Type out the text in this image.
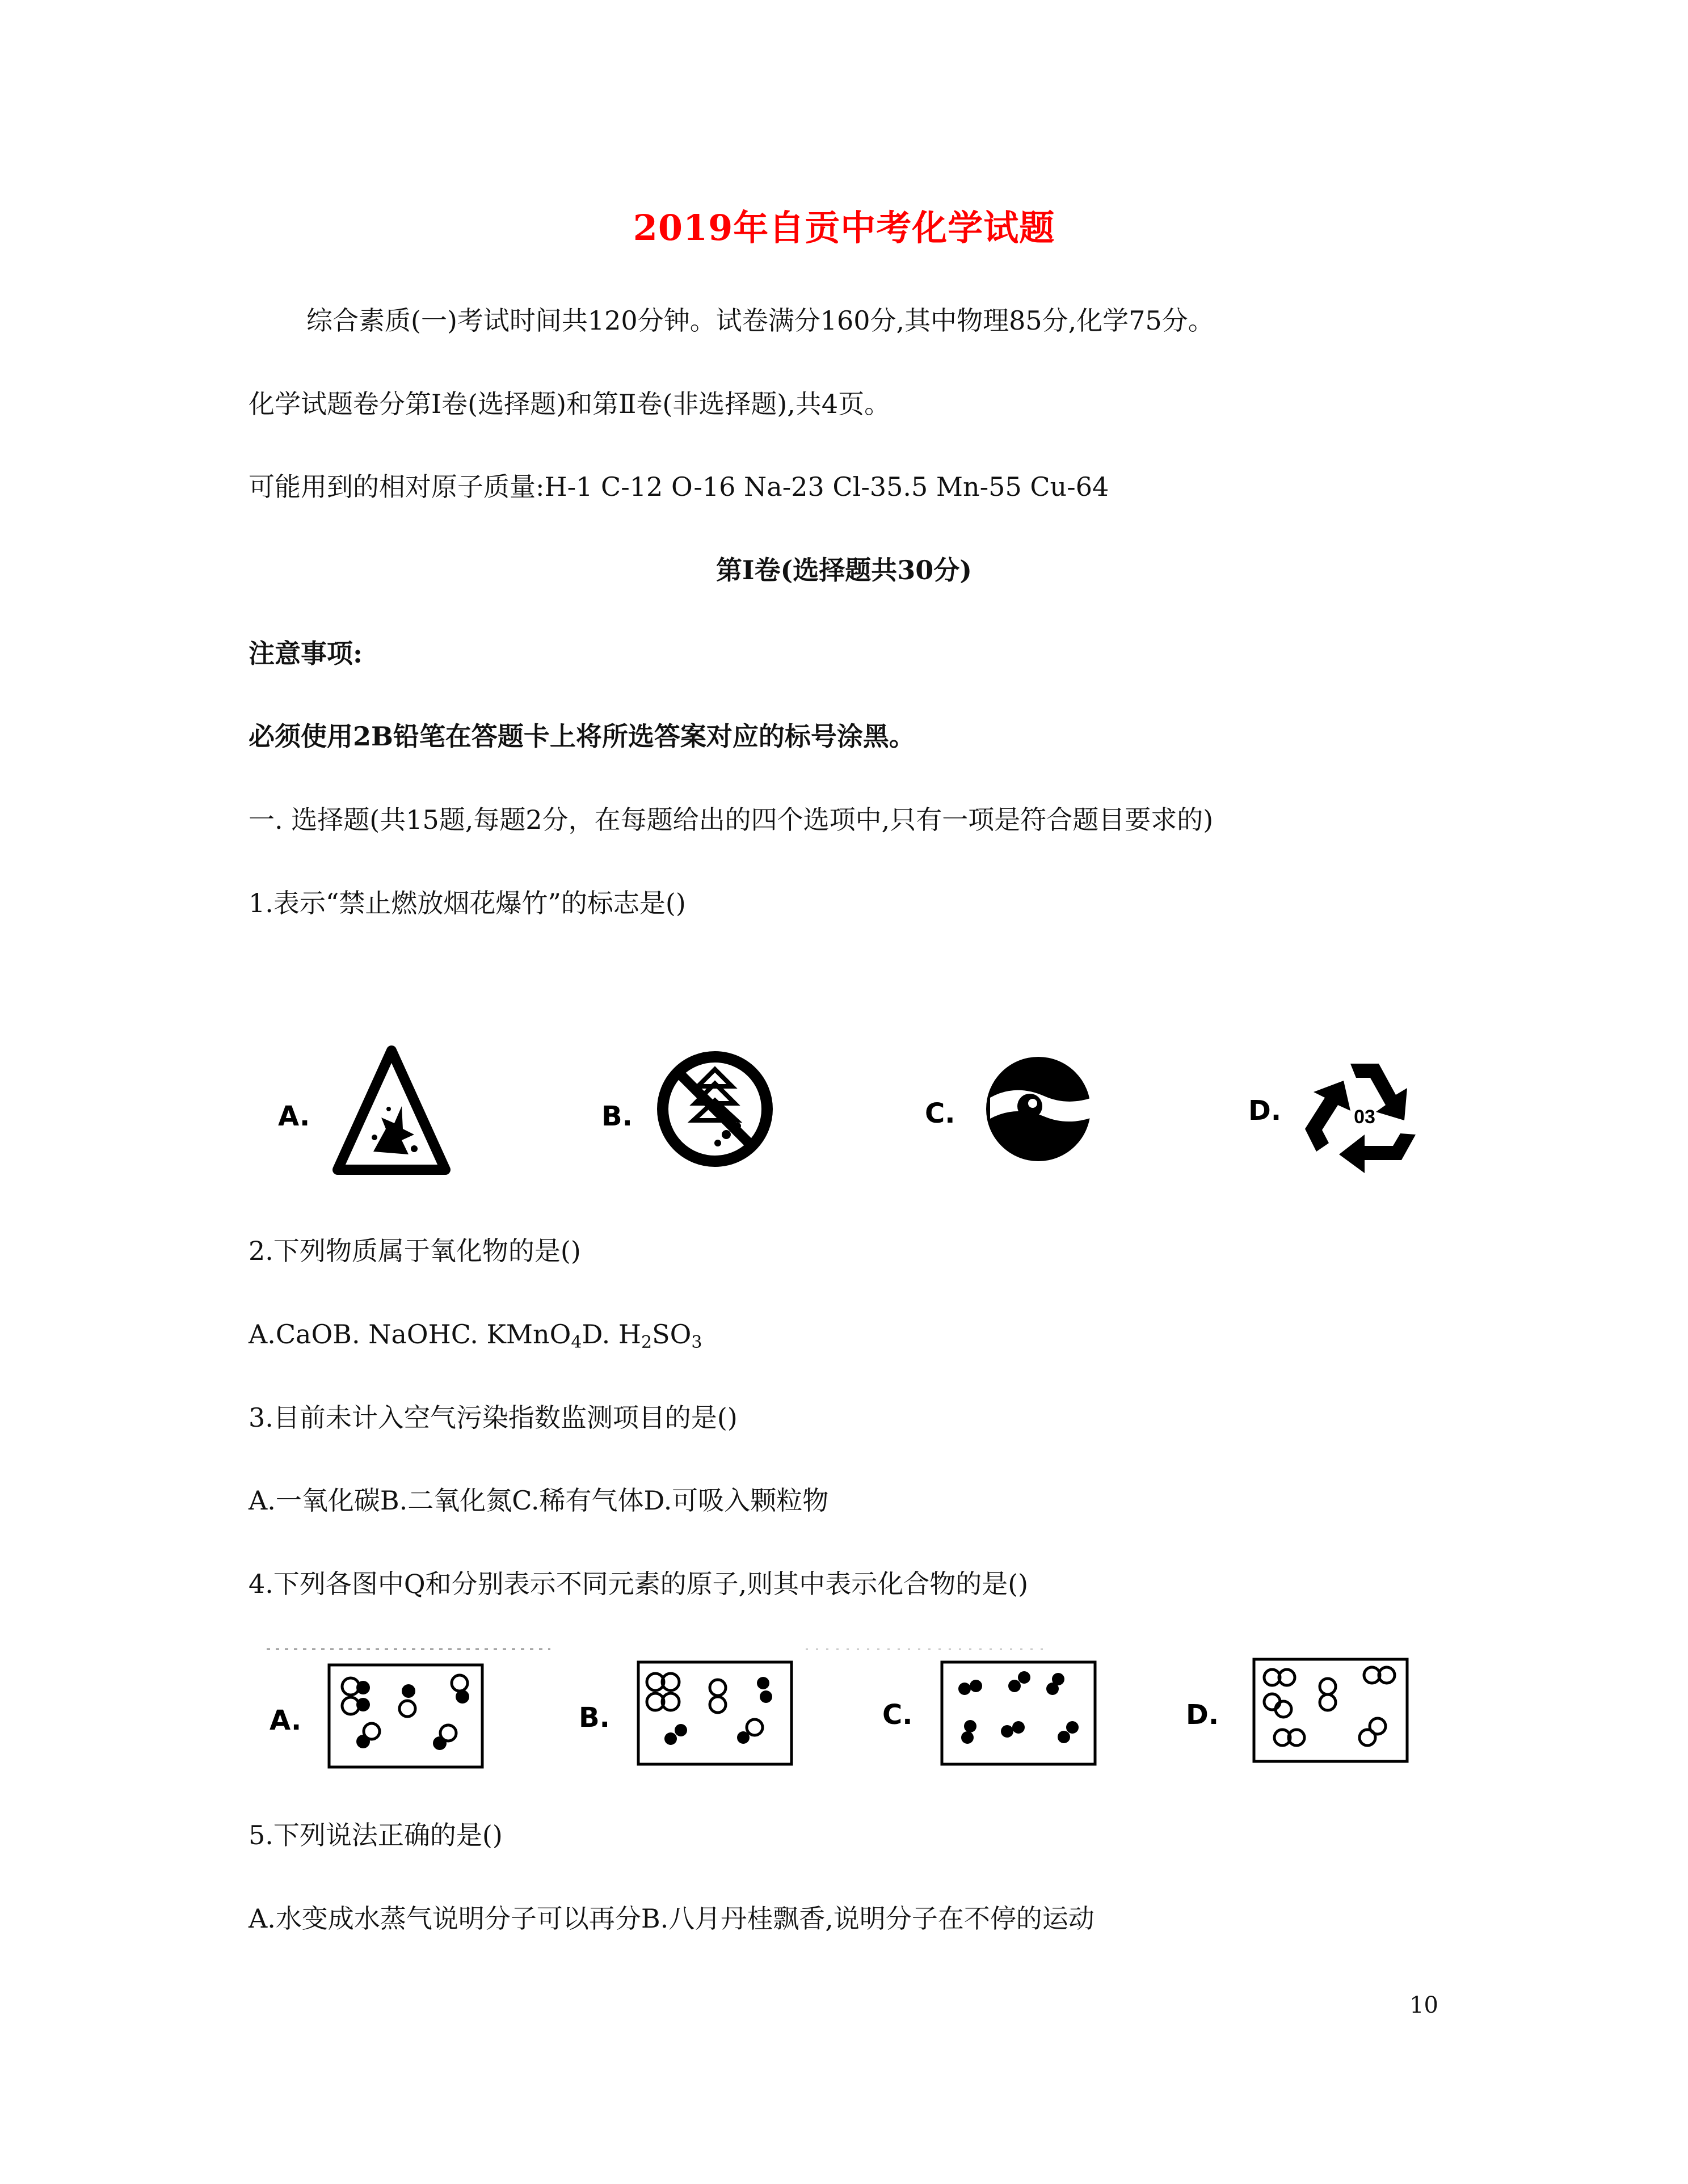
2019年自贡中考化学试题
综合素质(一)考试时间共120分钟。试卷满分160分,其中物理85分,化学75分。
化学试题卷分第Ⅰ卷(选择题)和第Ⅱ卷(非选择题),共4页。
可能用到的相对原子质量:H-1 C-12 O-16 Na-23 Cl-35.5 Mn-55 Cu-64
第Ⅰ卷(选择题共30分)
注意事项:
必须使用2B铅笔在答题卡上将所选答案对应的标号涂黑。
一. 选择题(共15题,每题2分，在每题给出的四个选项中,只有一项是符合题目要求的)
1.表示“禁止燃放烟花爆竹”的标志是()
A.	B.	C.	D.	03
2.下列物质属于氧化物的是()
A.CaOB. NaOHC. KMnO$_4$D. $H_2SO_3$
3.目前未计入空气污染指数监测项目的是()
A.一氧化碳B.二氧化氮C.稀有气体D.可吸入颗粒物
4.下列各图中Q和分别表示不同元素的原子,则其中表示化合物的是()
A.	B.	C.	D.
5.下列说法正确的是()
A.水变成水蒸气说明分子可以再分B.八月丹桂飘香,说明分子在不停的运动
10
